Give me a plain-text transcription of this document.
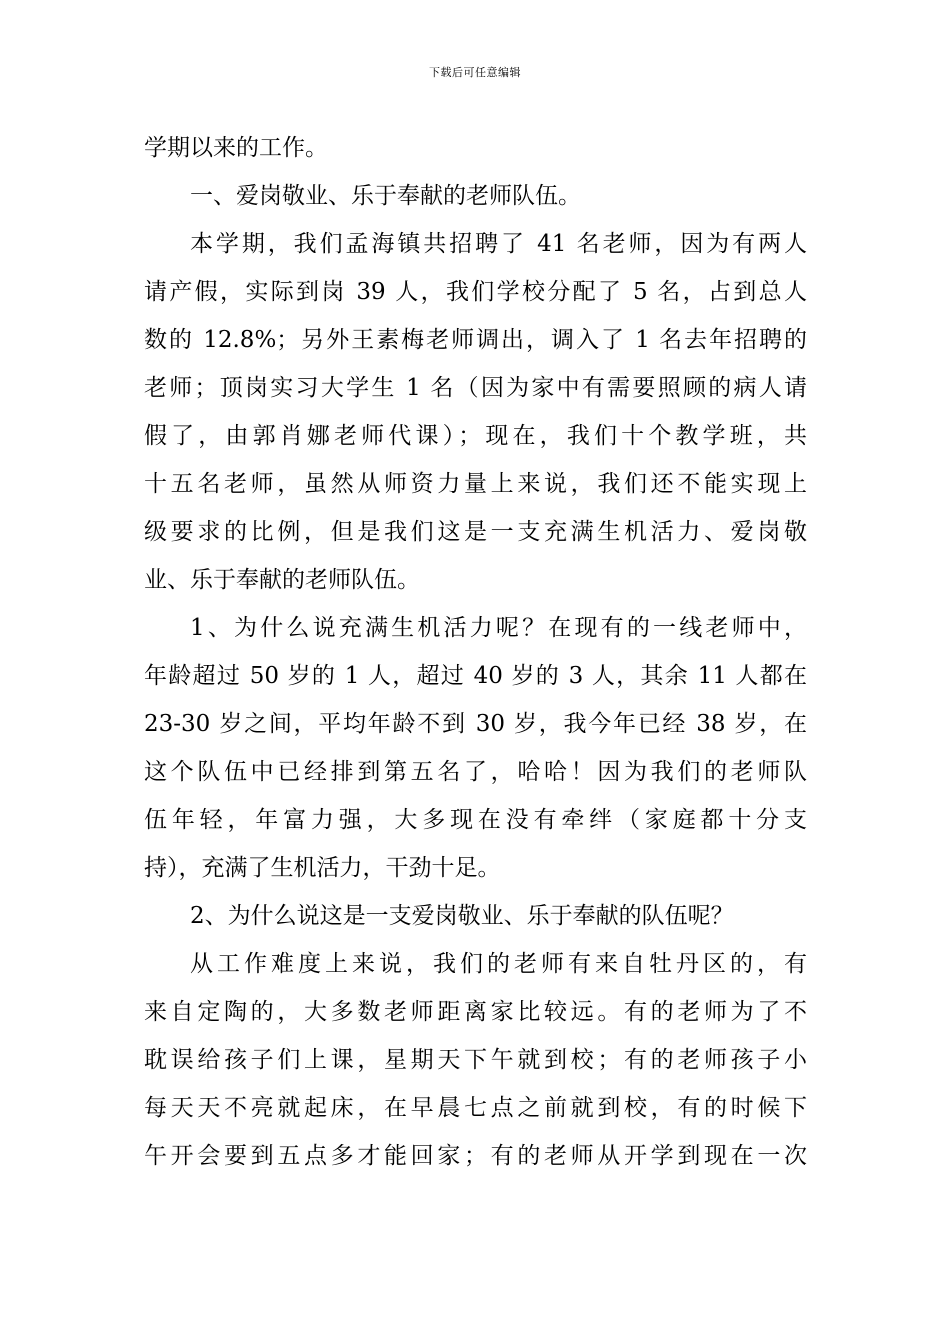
下载后可任意编辑
学期以来的工作。
一、爱岗敬业、乐于奉献的老师队伍。
本学期，我们孟海镇共招聘了 41 名老师，因为有两人
请产假，实际到岗 39 人，我们学校分配了 5 名，占到总人
数的 12.8%；另外王素梅老师调出，调入了 1 名去年招聘的
老师；顶岗实习大学生 1 名（因为家中有需要照顾的病人请
假了，由郭肖娜老师代课）；现在，我们十个教学班，共
十五名老师，虽然从师资力量上来说，我们还不能实现上
级要求的比例，但是我们这是一支充满生机活力、爱岗敬
业、乐于奉献的老师队伍。
1、为什么说充满生机活力呢？在现有的一线老师中，
年龄超过 50 岁的 1 人，超过 40 岁的 3 人，其余 11 人都在
23-30 岁之间，平均年龄不到 30 岁，我今年已经 38 岁，在
这个队伍中已经排到第五名了，哈哈！因为我们的老师队
伍年轻，年富力强，大多现在没有牵绊（家庭都十分支
持），充满了生机活力，干劲十足。
2、为什么说这是一支爱岗敬业、乐于奉献的队伍呢？
从工作难度上来说，我们的老师有来自牡丹区的，有
来自定陶的，大多数老师距离家比较远。有的老师为了不
耽误给孩子们上课，星期天下午就到校；有的老师孩子小
每天天不亮就起床，在早晨七点之前就到校，有的时候下
午开会要到五点多才能回家；有的老师从开学到现在一次
